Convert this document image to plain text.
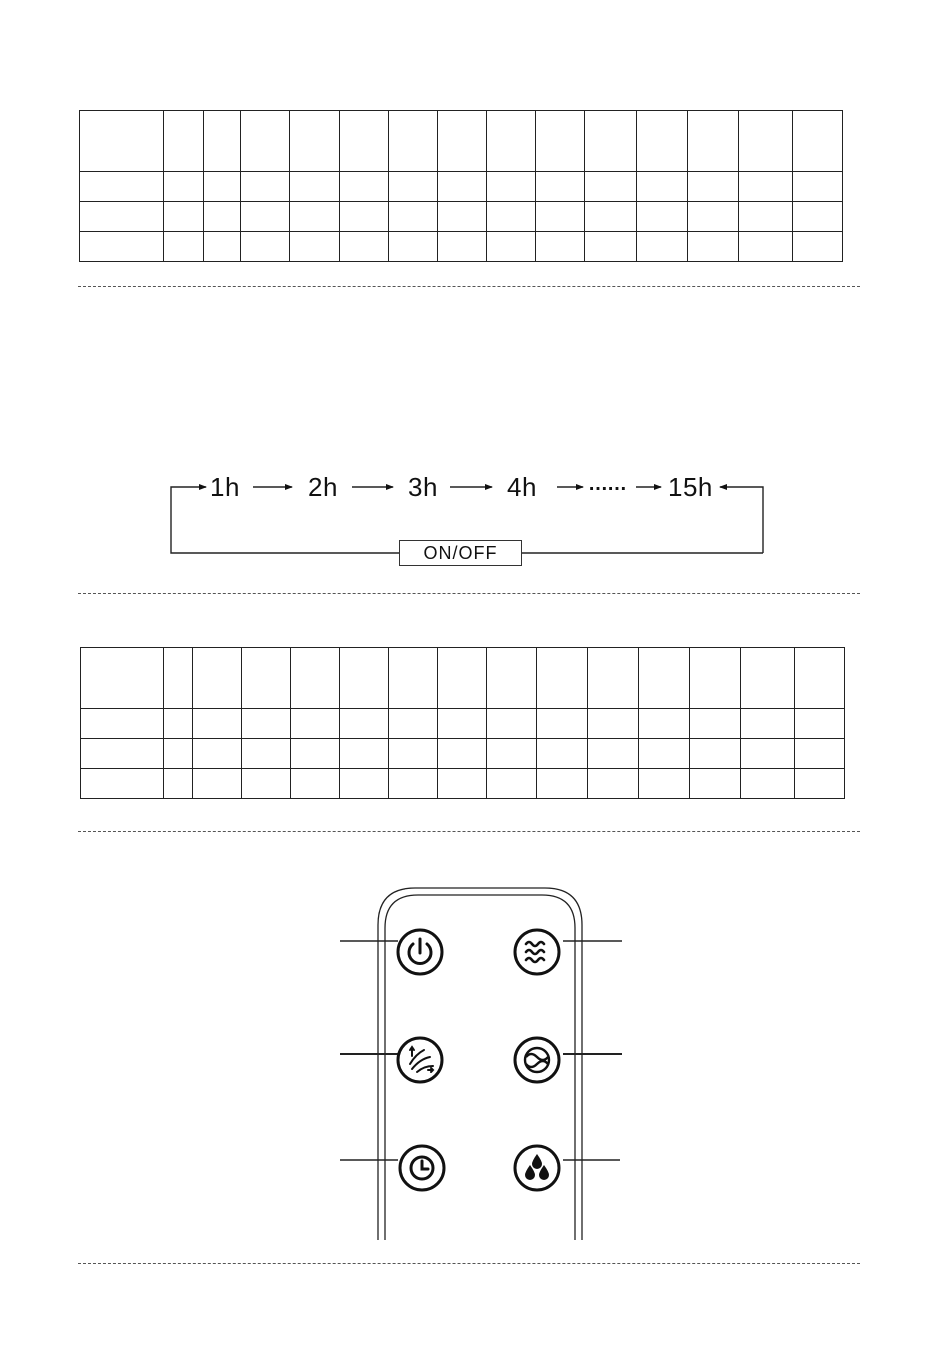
1h	2h	3h	4h	…… 15h
ON/OFF
